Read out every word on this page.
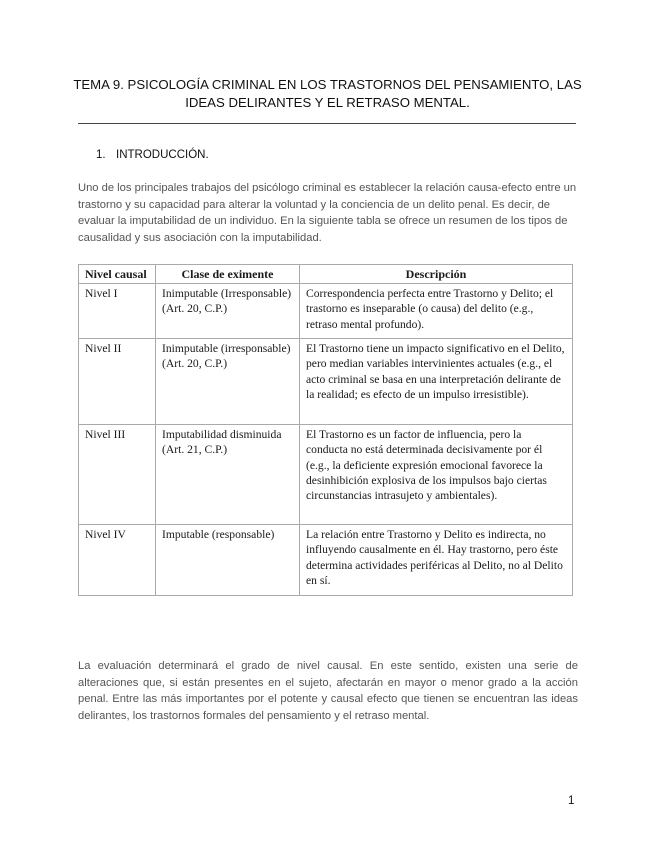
TEMA 9. PSICOLOGÍA CRIMINAL EN LOS TRASTORNOS DEL PENSAMIENTO, LAS IDEAS DELIRANTES Y EL RETRASO MENTAL.
1. INTRODUCCIÓN.
Uno de los principales trabajos del psicólogo criminal es establecer la relación causa-efecto entre un trastorno y su capacidad para alterar la voluntad y la conciencia de un delito penal. Es decir, de evaluar la imputabilidad de un individuo. En la siguiente tabla se ofrece un resumen de los tipos de causalidad y sus asociación con la imputabilidad.
Nivel causal	Clase de eximente	Descripción
Nivel I	Inimputable (Irresponsable) (Art. 20, C.P.)	Correspondencia perfecta entre Trastorno y Delito; el trastorno es inseparable (o causa) del delito (e.g., retraso mental profundo).
Nivel II	Inimputable (irresponsable) (Art. 20, C.P.)	El Trastorno tiene un impacto significativo en el Delito, pero median variables intervinientes actuales (e.g., el acto criminal se basa en una interpretación delirante de la realidad; es efecto de un impulso irresistible).
Nivel III	Imputabilidad disminuida (Art. 21, C.P.)	El Trastorno es un factor de influencia, pero la conducta no está determinada decisivamente por él (e.g., la deficiente expresión emocional favorece la desinhibición explosiva de los impulsos bajo ciertas circunstancias intrasujeto y ambientales).
Nivel IV	Imputable (responsable)	La relación entre Trastorno y Delito es indirecta, no influyendo causalmente en él. Hay trastorno, pero éste determina actividades periféricas al Delito, no al Delito en sí.
La evaluación determinará el grado de nivel causal. En este sentido, existen una serie de alteraciones que, si están presentes en el sujeto, afectarán en mayor o menor grado a la acción penal. Entre las más importantes por el potente y causal efecto que tienen se encuentran las ideas delirantes, los trastornos formales del pensamiento y el retraso mental.
1
